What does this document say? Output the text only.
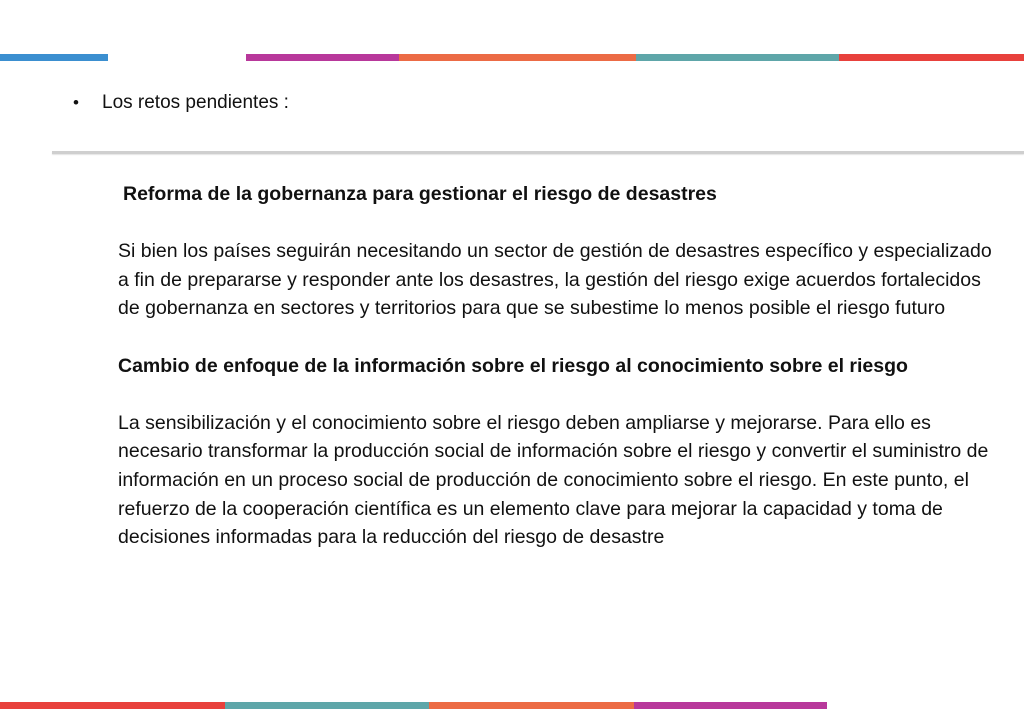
•	Los retos pendientes :

Reforma de la gobernanza para gestionar el riesgo de desastres

Si bien los países seguirán necesitando un sector de gestión de desastres específico y especializado a fin de prepararse y responder ante los desastres, la gestión del riesgo exige acuerdos fortalecidos de gobernanza en sectores y territorios para que se subestime lo menos posible el riesgo futuro

Cambio de enfoque de la información sobre el riesgo al conocimiento sobre el riesgo

La sensibilización y el conocimiento sobre el riesgo deben ampliarse y mejorarse. Para ello es necesario transformar la producción social de información sobre el riesgo y convertir el suministro de información en un proceso social de producción de conocimiento sobre el riesgo. En este punto, el refuerzo de la cooperación científica es un elemento clave para mejorar la capacidad y toma de decisiones informadas para la reducción del riesgo de desastre
